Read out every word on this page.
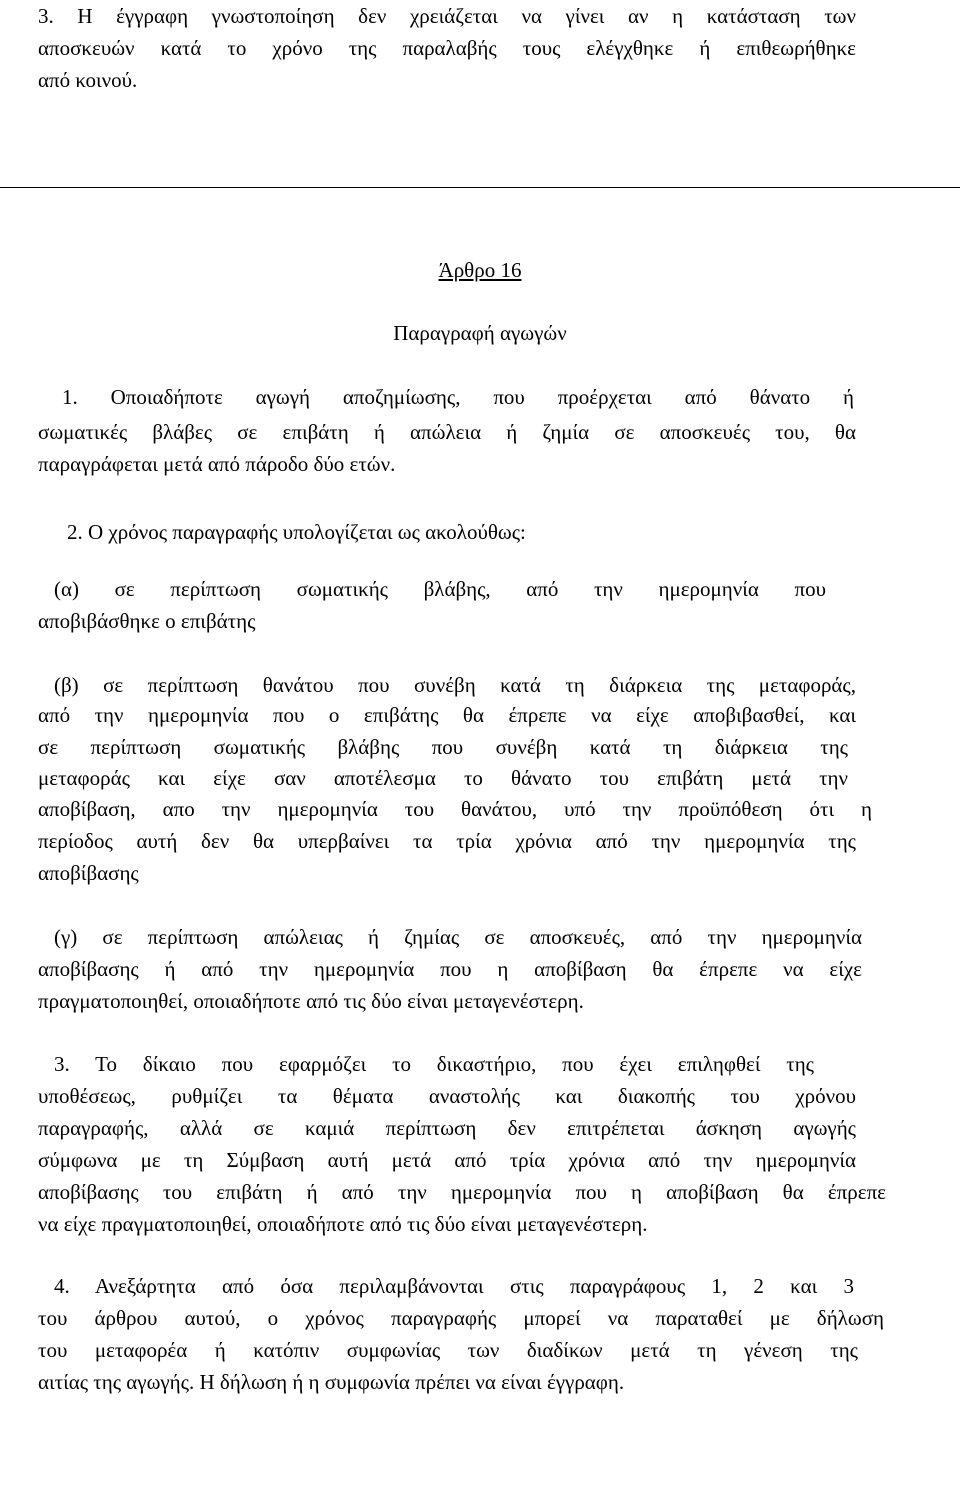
3. Η έγγραφη γνωστοποίηση δεν χρειάζεται να γίνει αν η κατάσταση των
αποσκευών κατά το χρόνο της παραλαβής τους ελέγχθηκε ή επιθεωρήθηκε
από κοινού.
Άρθρο 16
Παραγραφή αγωγών
1. Οποιαδήποτε αγωγή αποζημίωσης, που προέρχεται από θάνατο ή
σωματικές βλάβες σε επιβάτη ή απώλεια ή ζημία σε αποσκευές του, θα
παραγράφεται μετά από πάροδο δύο ετών.
2. Ο χρόνος παραγραφής υπολογίζεται ως ακολούθως:
(α) σε περίπτωση σωματικής βλάβης, από την ημερομηνία που
αποβιβάσθηκε ο επιβάτης
(β) σε περίπτωση θανάτου που συνέβη κατά τη διάρκεια της μεταφοράς,
από την ημερομηνία που ο επιβάτης θα έπρεπε να είχε αποβιβασθεί, και
σε περίπτωση σωματικής βλάβης που συνέβη κατά τη διάρκεια της
μεταφοράς και είχε σαν αποτέλεσμα το θάνατο του επιβάτη μετά την
αποβίβαση, απο την ημερομηνία του θανάτου, υπό την προϋπόθεση ότι η
περίοδος αυτή δεν θα υπερβαίνει τα τρία χρόνια από την ημερομηνία της
αποβίβασης
(γ) σε περίπτωση απώλειας ή ζημίας σε αποσκευές, από την ημερομηνία
αποβίβασης ή από την ημερομηνία που η αποβίβαση θα έπρεπε να είχε
πραγματοποιηθεί, οποιαδήποτε από τις δύο είναι μεταγενέστερη.
3. Το δίκαιο που εφαρμόζει το δικαστήριο, που έχει επιληφθεί της
υποθέσεως, ρυθμίζει τα θέματα αναστολής και διακοπής του χρόνου
παραγραφής, αλλά σε καμιά περίπτωση δεν επιτρέπεται άσκηση αγωγής
σύμφωνα με τη Σύμβαση αυτή μετά από τρία χρόνια από την ημερομηνία
αποβίβασης του επιβάτη ή από την ημερομηνία που η αποβίβαση θα έπρεπε
να είχε πραγματοποιηθεί, οποιαδήποτε από τις δύο είναι μεταγενέστερη.
4. Ανεξάρτητα από όσα περιλαμβάνονται στις παραγράφους 1, 2 και 3
του άρθρου αυτού, ο χρόνος παραγραφής μπορεί να παραταθεί με δήλωση
του μεταφορέα ή κατόπιν συμφωνίας των διαδίκων μετά τη γένεση της
αιτίας της αγωγής. Η δήλωση ή η συμφωνία πρέπει να είναι έγγραφη.
